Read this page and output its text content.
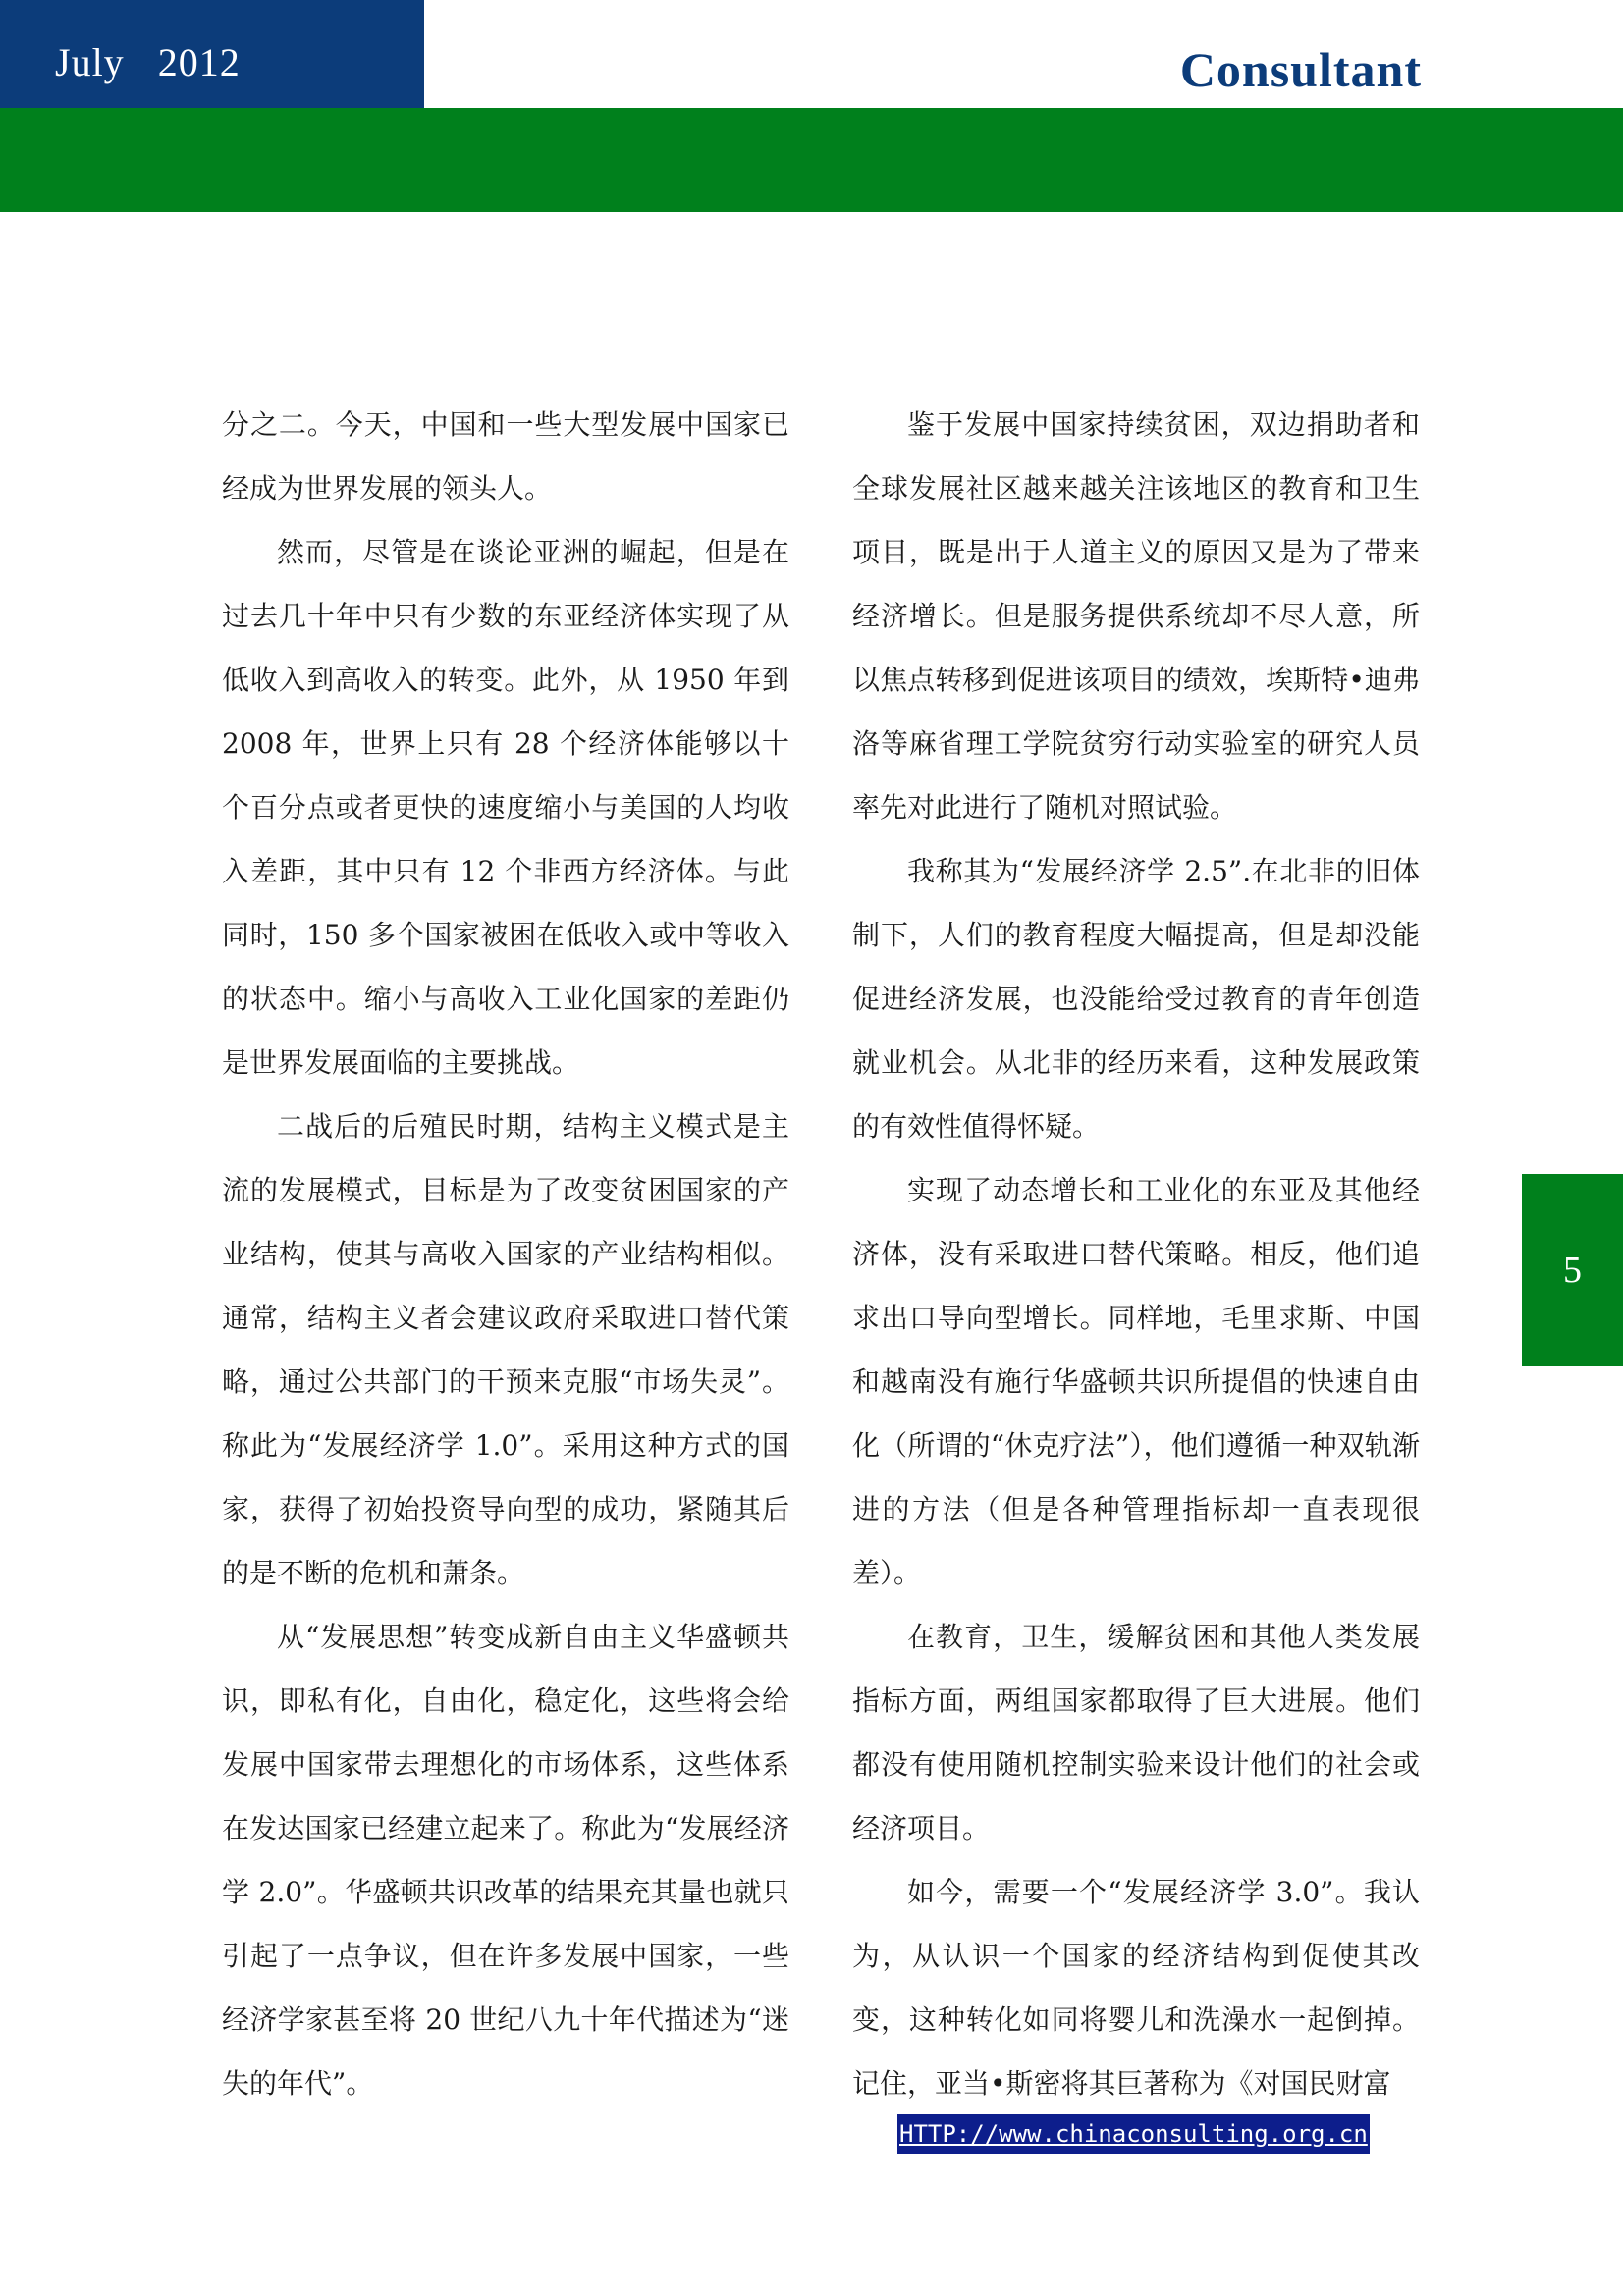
July 2012	Consultant

分之二。今天，中国和一些大型发展中国家已经成为世界发展的领头人。

然而，尽管是在谈论亚洲的崛起，但是在过去几十年中只有少数的东亚经济体实现了从低收入到高收入的转变。此外，从 1950 年到 2008 年，世界上只有 28 个经济体能够以十个百分点或者更快的速度缩小与美国的人均收入差距，其中只有 12 个非西方经济体。与此同时，150 多个国家被困在低收入或中等收入的状态中。缩小与高收入工业化国家的差距仍是世界发展面临的主要挑战。

二战后的后殖民时期，结构主义模式是主流的发展模式，目标是为了改变贫困国家的产业结构，使其与高收入国家的产业结构相似。通常，结构主义者会建议政府采取进口替代策略，通过公共部门的干预来克服“市场失灵”。称此为“发展经济学 1.0”。采用这种方式的国家，获得了初始投资导向型的成功，紧随其后的是不断的危机和萧条。

从“发展思想”转变成新自由主义华盛顿共识，即私有化，自由化，稳定化，这些将会给发展中国家带去理想化的市场体系，这些体系在发达国家已经建立起来了。称此为“发展经济学 2.0”。华盛顿共识改革的结果充其量也就只引起了一点争议，但在许多发展中国家，一些经济学家甚至将 20 世纪八九十年代描述为“迷失的年代”。

鉴于发展中国家持续贫困，双边捐助者和全球发展社区越来越关注该地区的教育和卫生项目，既是出于人道主义的原因又是为了带来经济增长。但是服务提供系统却不尽人意，所以焦点转移到促进该项目的绩效，埃斯特•迪弗洛等麻省理工学院贫穷行动实验室的研究人员率先对此进行了随机对照试验。

我称其为“发展经济学 2.5”.在北非的旧体制下，人们的教育程度大幅提高，但是却没能促进经济发展，也没能给受过教育的青年创造就业机会。从北非的经历来看，这种发展政策的有效性值得怀疑。

实现了动态增长和工业化的东亚及其他经济体，没有采取进口替代策略。相反，他们追求出口导向型增长。同样地，毛里求斯、中国和越南没有施行华盛顿共识所提倡的快速自由化（所谓的“休克疗法”），他们遵循一种双轨渐进的方法（但是各种管理指标却一直表现很差）。

在教育，卫生，缓解贫困和其他人类发展指标方面，两组国家都取得了巨大进展。他们都没有使用随机控制实验来设计他们的社会或经济项目。

如今，需要一个“发展经济学 3.0”。我认为，从认识一个国家的经济结构到促使其改变，这种转化如同将婴儿和洗澡水一起倒掉。记住，亚当•斯密将其巨著称为《对国民财富

5
HTTP://www.chinaconsulting.org.cn
